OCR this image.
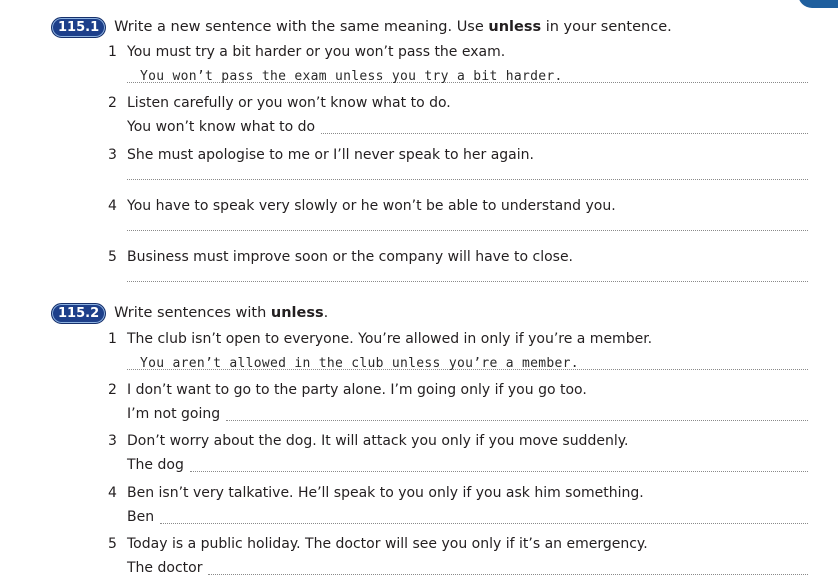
115.1	Write a new sentence with the same meaning. Use unless in your sentence.
1 You must try a bit harder or you won’t pass the exam.
You won’t pass the exam unless you try a bit harder.
2 Listen carefully or you won’t know what to do.
You won’t know what to do
3 She must apologise to me or I’ll never speak to her again.
4 You have to speak very slowly or he won’t be able to understand you.
5 Business must improve soon or the company will have to close.
115.2	Write sentences with unless.
1 The club isn’t open to everyone. You’re allowed in only if you’re a member.
You aren’t allowed in the club unless you’re a member.
2 I don’t want to go to the party alone. I’m going only if you go too.
I’m not going
3 Don’t worry about the dog. It will attack you only if you move suddenly.
The dog
4 Ben isn’t very talkative. He’ll speak to you only if you ask him something.
Ben
5 Today is a public holiday. The doctor will see you only if it’s an emergency.
The doctor
